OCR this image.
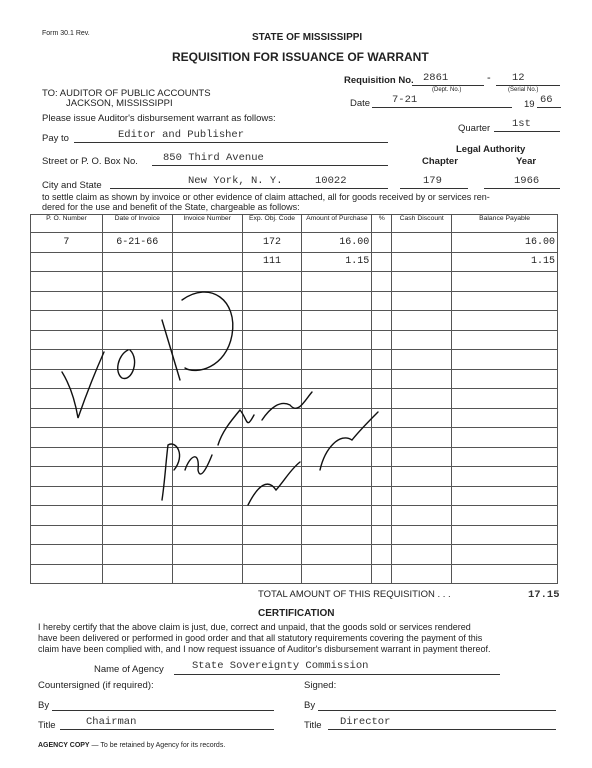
Form 30.1 Rev.	STATE OF MISSISSIPPI
REQUISITION FOR ISSUANCE OF WARRANT
Requisition No. 2861	- 12
(Dept. No.)	(Serial No.)
TO: AUDITOR OF PUBLIC ACCOUNTS
JACKSON, MISSISSIPPI
Please issue Auditor's disbursement warrant as follows:
Date 7-21	19 66
Quarter 1st
Pay to	Editor and Publisher
Legal Authority
Chapter	Year
Street or P. O. Box No. 850 Third Avenue
City and State	New York, N. Y.	10022	179	1966
to settle claim as shown by invoice or other evidence of claim attached, all for goods received by or services ren-
dered for the use and benefit of the State, chargeable as follows:
P. O. Number	Date of Invoice	Invoice Number	Exp. Obj. Code	Amount of Purchase	%	Cash Discount	Balance Payable
7	6-21-66		172	16.00			16.00
			111	1.15			1.15

TOTAL AMOUNT OF THIS REQUISITION . . .	17.15
CERTIFICATION
I hereby certify that the above claim is just, due, correct and unpaid, that the goods sold or services rendered
have been delivered or performed in good order and that all statutory requirements covering the payment of this
claim have been complied with, and I now request issuance of Auditor's disbursement warrant in payment thereof.
Name of Agency	State Sovereignty Commission
Countersigned (if required):	Signed:
By	By
Title	Chairman	Title Director
AGENCY COPY — To be retained by Agency for its records.
